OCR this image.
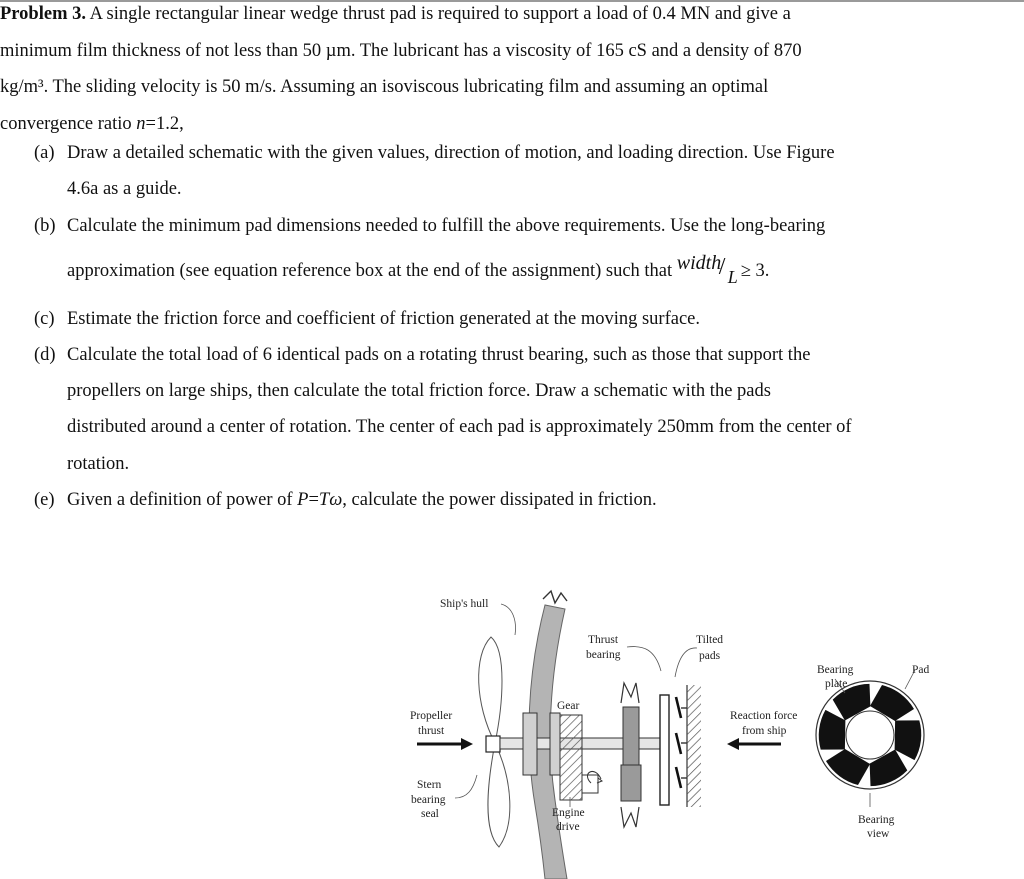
Problem 3. A single rectangular linear wedge thrust pad is required to support a load of 0.4 MN and give a
minimum film thickness of not less than 50 µm. The lubricant has a viscosity of 165 cS and a density of 870
kg/m³. The sliding velocity is 50 m/s. Assuming an isoviscous lubricating film and assuming an optimal
convergence ratio n=1.2,
(a) Draw a detailed schematic with the given values, direction of motion, and loading direction. Use Figure
4.6a as a guide.
(b) Calculate the minimum pad dimensions needed to fulfill the above requirements. Use the long-bearing
approximation (see equation reference box at the end of the assignment) such that width
/ L ≥ 3.
(c) Estimate the friction force and coefficient of friction generated at the moving surface.
(d) Calculate the total load of 6 identical pads on a rotating thrust bearing, such as those that support the
propellers on large ships, then calculate the total friction force. Draw a schematic with the pads
distributed around a center of rotation. The center of each pad is approximately 250mm from the center of
rotation.
(e) Given a definition of power of P=Tω, calculate the power dissipated in friction.
Ship's hull
Thrust
bearing
Tilted
pads
Bearing
plate
Pad
Gear
Propeller
thrust
Reaction force
from ship
Stern
bearing
seal	Engine
drive
Bearing
view
